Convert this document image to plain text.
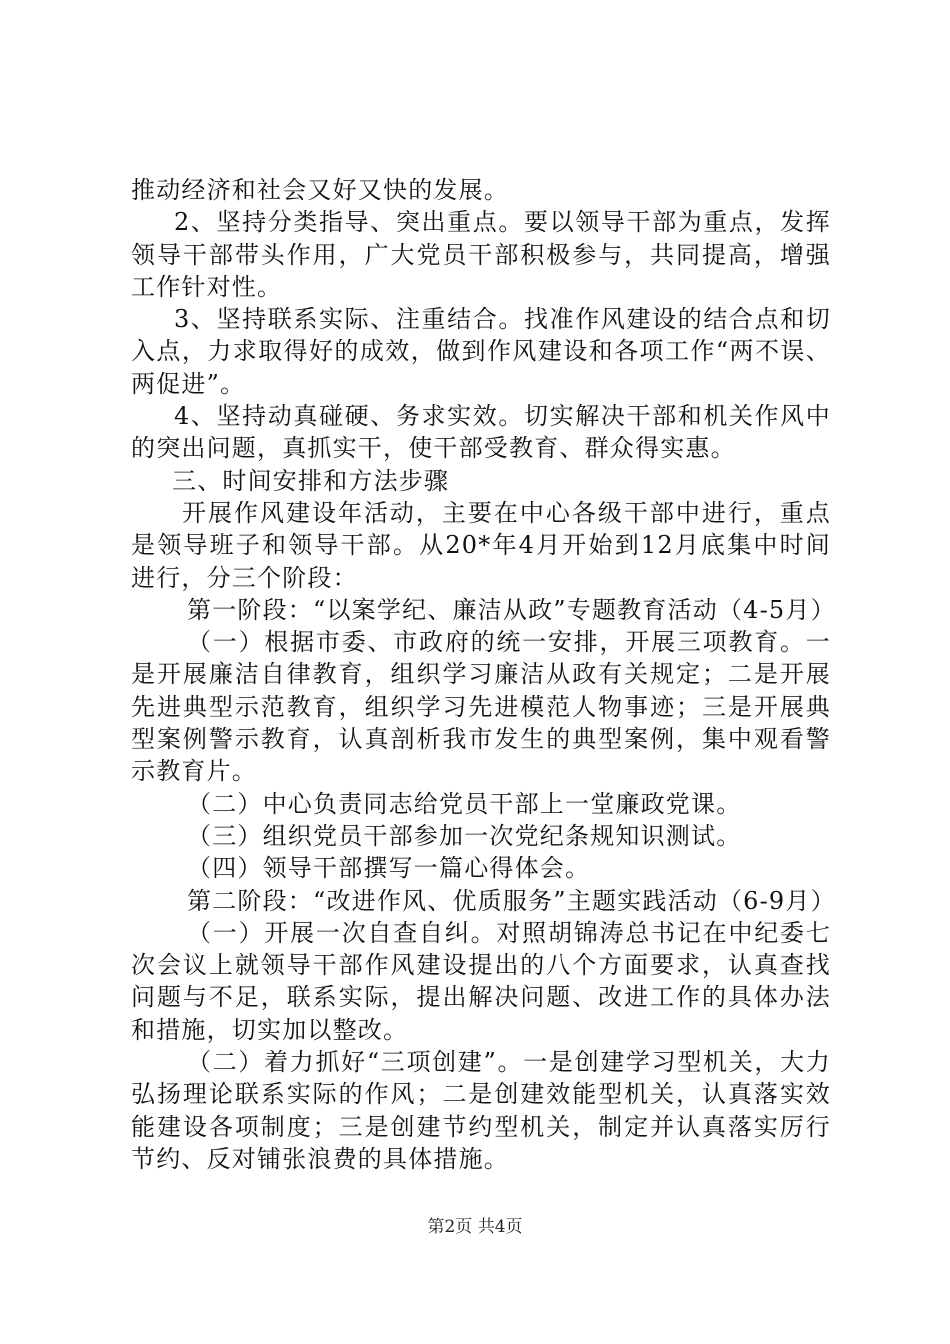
推动经济和社会又好又快的发展。

2、坚持分类指导、突出重点。要以领导干部为重点，发挥领导干部带头作用，广大党员干部积极参与，共同提高，增强工作针对性。

3、坚持联系实际、注重结合。找准作风建设的结合点和切入点，力求取得好的成效，做到作风建设和各项工作“两不误、两促进”。

4、坚持动真碰硬、务求实效。切实解决干部和机关作风中的突出问题，真抓实干，使干部受教育、群众得实惠。

三、时间安排和方法步骤

开展作风建设年活动，主要在中心各级干部中进行，重点是领导班子和领导干部。从20*年4月开始到12月底集中时间进行，分三个阶段：

第一阶段：“以案学纪、廉洁从政”专题教育活动（4-5月）

（一）根据市委、市政府的统一安排，开展三项教育。一是开展廉洁自律教育，组织学习廉洁从政有关规定；二是开展先进典型示范教育，组织学习先进模范人物事迹；三是开展典型案例警示教育，认真剖析我市发生的典型案例，集中观看警示教育片。

（二）中心负责同志给党员干部上一堂廉政党课。

（三）组织党员干部参加一次党纪条规知识测试。

（四）领导干部撰写一篇心得体会。

第二阶段：“改进作风、优质服务”主题实践活动（6-9月）

（一）开展一次自查自纠。对照胡锦涛总书记在中纪委七次会议上就领导干部作风建设提出的八个方面要求，认真查找问题与不足，联系实际，提出解决问题、改进工作的具体办法和措施，切实加以整改。

（二）着力抓好“三项创建”。一是创建学习型机关，大力弘扬理论联系实际的作风；二是创建效能型机关，认真落实效能建设各项制度；三是创建节约型机关，制定并认真落实厉行节约、反对铺张浪费的具体措施。

第2页 共4页
